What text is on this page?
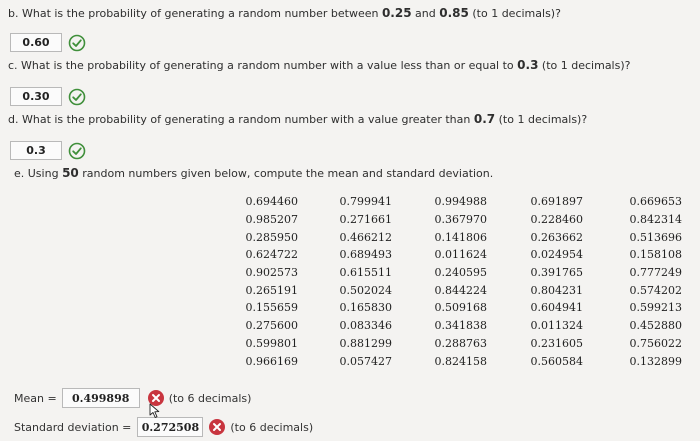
b. What is the probability of generating a random number between 0.25 and 0.85 (to 1 decimals)?
0.60
c. What is the probability of generating a random number with a value less than or equal to 0.3 (to 1 decimals)?
0.30
d. What is the probability of generating a random number with a value greater than 0.7 (to 1 decimals)?
0.3
e. Using 50 random numbers given below, compute the mean and standard deviation.
0.694460	0.799941	0.994988	0.691897	0.669653
0.985207	0.271661	0.367970	0.228460	0.842314
0.285950	0.466212	0.141806	0.263662	0.513696
0.624722	0.689493	0.011624	0.024954	0.158108
0.902573	0.615511	0.240595	0.391765	0.777249
0.265191	0.502024	0.844224	0.804231	0.574202
0.155659	0.165830	0.509168	0.604941	0.599213
0.275600	0.083346	0.341838	0.011324	0.452880
0.599801	0.881299	0.288763	0.231605	0.756022
0.966169	0.057427	0.824158	0.560584	0.132899
Mean =	0.499898	(to 6 decimals)
Standard deviation = 0.272508	(to 6 decimals)
